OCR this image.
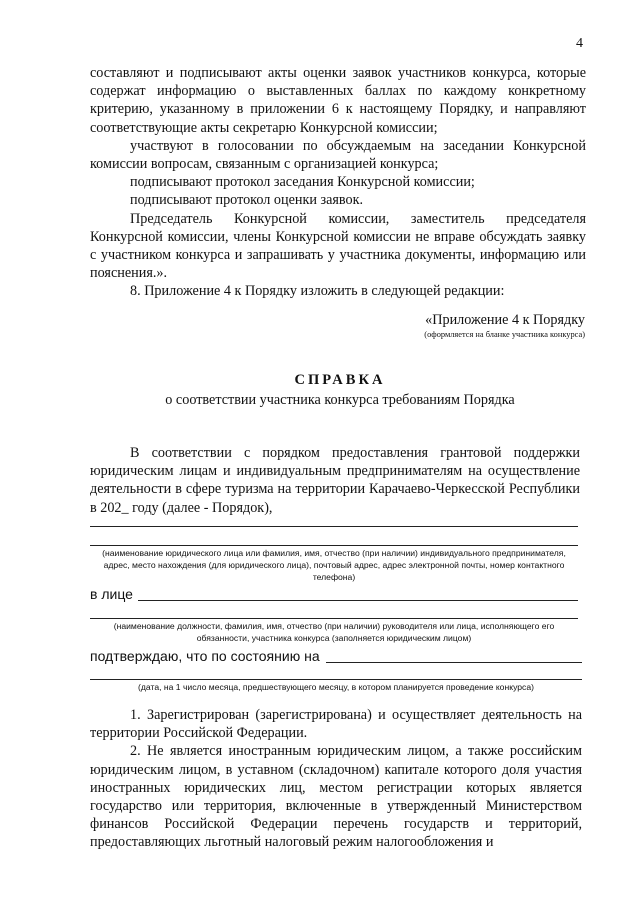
4

составляют и подписывают акты оценки заявок участников конкурса, которые содержат информацию о выставленных баллах по каждому конкретному критерию, указанному в приложении 6 к настоящему Порядку, и направляют соответствующие акты секретарю Конкурсной комиссии;

участвуют в голосовании по обсуждаемым на заседании Конкурсной комиссии вопросам, связанным с организацией конкурса;

подписывают протокол заседания Конкурсной комиссии;

подписывают протокол оценки заявок.

Председатель Конкурсной комиссии, заместитель председателя Конкурсной комиссии, члены Конкурсной комиссии не вправе обсуждать заявку с участником конкурса и запрашивать у участника документы, информацию или пояснения.».

8. Приложение 4 к Порядку изложить в следующей редакции:

«Приложение 4 к Порядку
(оформляется на бланке участника конкурса)
СПРАВКА
о соответствии участника конкурса требованиям Порядка

В соответствии с порядком предоставления грантовой поддержки юридическим лицам и индивидуальным предпринимателям на осуществление деятельности в сфере туризма на территории Карачаево-Черкесской Республики в 202_ году (далее - Порядок),

(наименование юридического лица или фамилия, имя, отчество (при наличии) индивидуального предпринимателя, адрес, место нахождения (для юридического лица), почтовый адрес, адрес электронной почты, номер контактного телефона)
в лице
(наименование должности, фамилия, имя, отчество (при наличии) руководителя или лица, исполняющего его обязанности, участника конкурса (заполняется юридическим лицом)
подтверждаю, что по состоянию на
(дата, на 1 число месяца, предшествующего месяцу, в котором планируется проведение конкурса)

1. Зарегистрирован (зарегистрирована) и осуществляет деятельность на территории Российской Федерации.

2. Не является иностранным юридическим лицом, а также российским юридическим лицом, в уставном (складочном) капитале которого доля участия иностранных юридических лиц, местом регистрации которых является государство или территория, включенные в утвержденный Министерством финансов Российской Федерации перечень государств и территорий, предоставляющих льготный налоговый режим налогообложения и
